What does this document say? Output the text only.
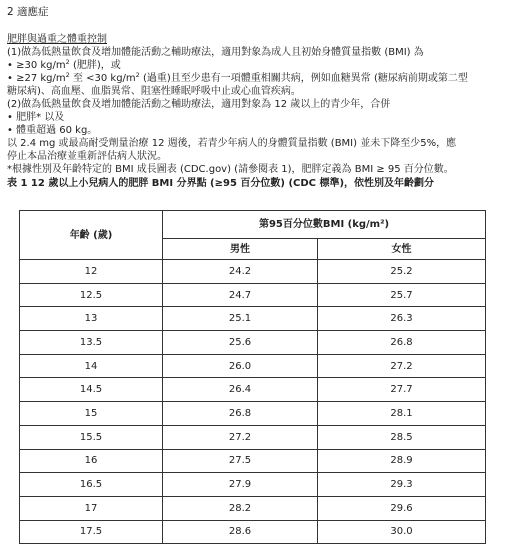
2 適應症

肥胖與過重之體重控制

(1)做為低熱量飲食及增加體能活動之輔助療法，適用對象為成人且初始身體質量指數 (BMI) 為

• ≥30 $kg/m^2$ (肥胖)，或

• ≥27 $kg/m^2$ 至 <30 $kg/m^2$ (過重)且至少患有一項體重相關共病，例如血糖異常 (糖尿病前期或第二型

糖尿病)、高血壓、血脂異常、阻塞性睡眠呼吸中止或心血管疾病。

(2)做為低熱量飲食及增加體能活動之輔助療法，適用對象為 12 歲以上的青少年，合併

• 肥胖* 以及

• 體重超過 60 kg。

以 2.4 mg 或最高耐受劑量治療 12 週後，若青少年病人的身體質量指數 (BMI) 並未下降至少5%，應

停止本品治療並重新評估病人狀況。

*根據性別及年齡特定的 BMI 成長圖表 (CDC.gov) (請參閱表 1)，肥胖定義為 BMI ≥ 95 百分位數。

表 1 12 歲以上小兒病人的肥胖 BMI 分界點 (≥95 百分位數) (CDC 標準)，依性別及年齡劃分

年齡 (歲)	第95百分位數BMI (kg/m²)	
	男性	女性
12	24.2	25.2
12.5	24.7	25.7
13	25.1	26.3
13.5	25.6	26.8
14	26.0	27.2
14.5	26.4	27.7
15	26.8	28.1
15.5	27.2	28.5
16	27.5	28.9
16.5	27.9	29.3
17	28.2	29.6
17.5	28.6	30.0
